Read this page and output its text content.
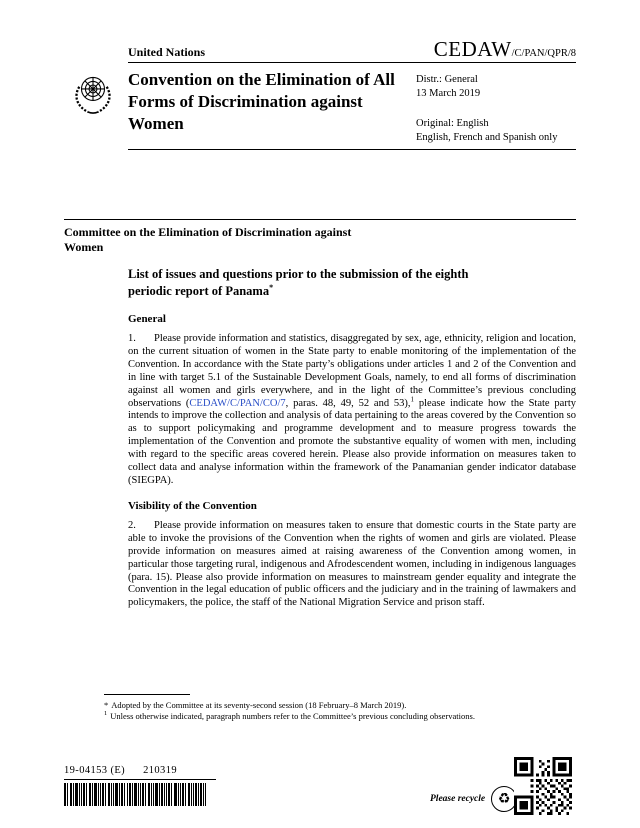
United Nations	CEDAW/C/PAN/QPR/8
Convention on the Elimination of All Forms of Discrimination against Women
Distr.: General
13 March 2019
Original: English
English, French and Spanish only
Committee on the Elimination of Discrimination against Women
List of issues and questions prior to the submission of the eighth periodic report of Panama*
General

1. Please provide information and statistics, disaggregated by sex, age, ethnicity, religion and location, on the current situation of women in the State party to enable monitoring of the implementation of the Convention. In accordance with the State party’s obligations under articles 1 and 2 of the Convention and in line with target 5.1 of the Sustainable Development Goals, namely, to end all forms of discrimination against all women and girls everywhere, and in the light of the Committee’s previous concluding observations (CEDAW/C/PAN/CO/7, paras. 48, 49, 52 and 53),$^1$ please indicate how the State party intends to improve the collection and analysis of data pertaining to the areas covered by the Convention so as to support policymaking and programme development and to measure progress towards the implementation of the Convention and promote the substantive equality of women with men, including with regard to the specific areas covered herein. Please also provide information on measures taken to collect data and analyse information within the framework of the Panamanian gender indicator database (SIEGPA).

Visibility of the Convention

2. Please provide information on measures taken to ensure that domestic courts in the State party are able to invoke the provisions of the Convention when the rights of women and girls are violated. Please provide information on measures aimed at raising awareness of the Convention among women, in particular those targeting rural, indigenous and Afrodescendent women, including in indigenous languages (para. 15). Please also provide information on measures to mainstream gender equality and integrate the Convention in the legal education of public officers and the judiciary and in the training of lawmakers and policymakers, the police, the staff of the National Migration Service and prison staff.

* Adopted by the Committee at its seventy-second session (18 February–8 March 2019).
$^1$ Unless otherwise indicated, paragraph numbers refer to the Committee’s previous concluding observations.
19-04153 (E) 210319
Please recycle ♻
